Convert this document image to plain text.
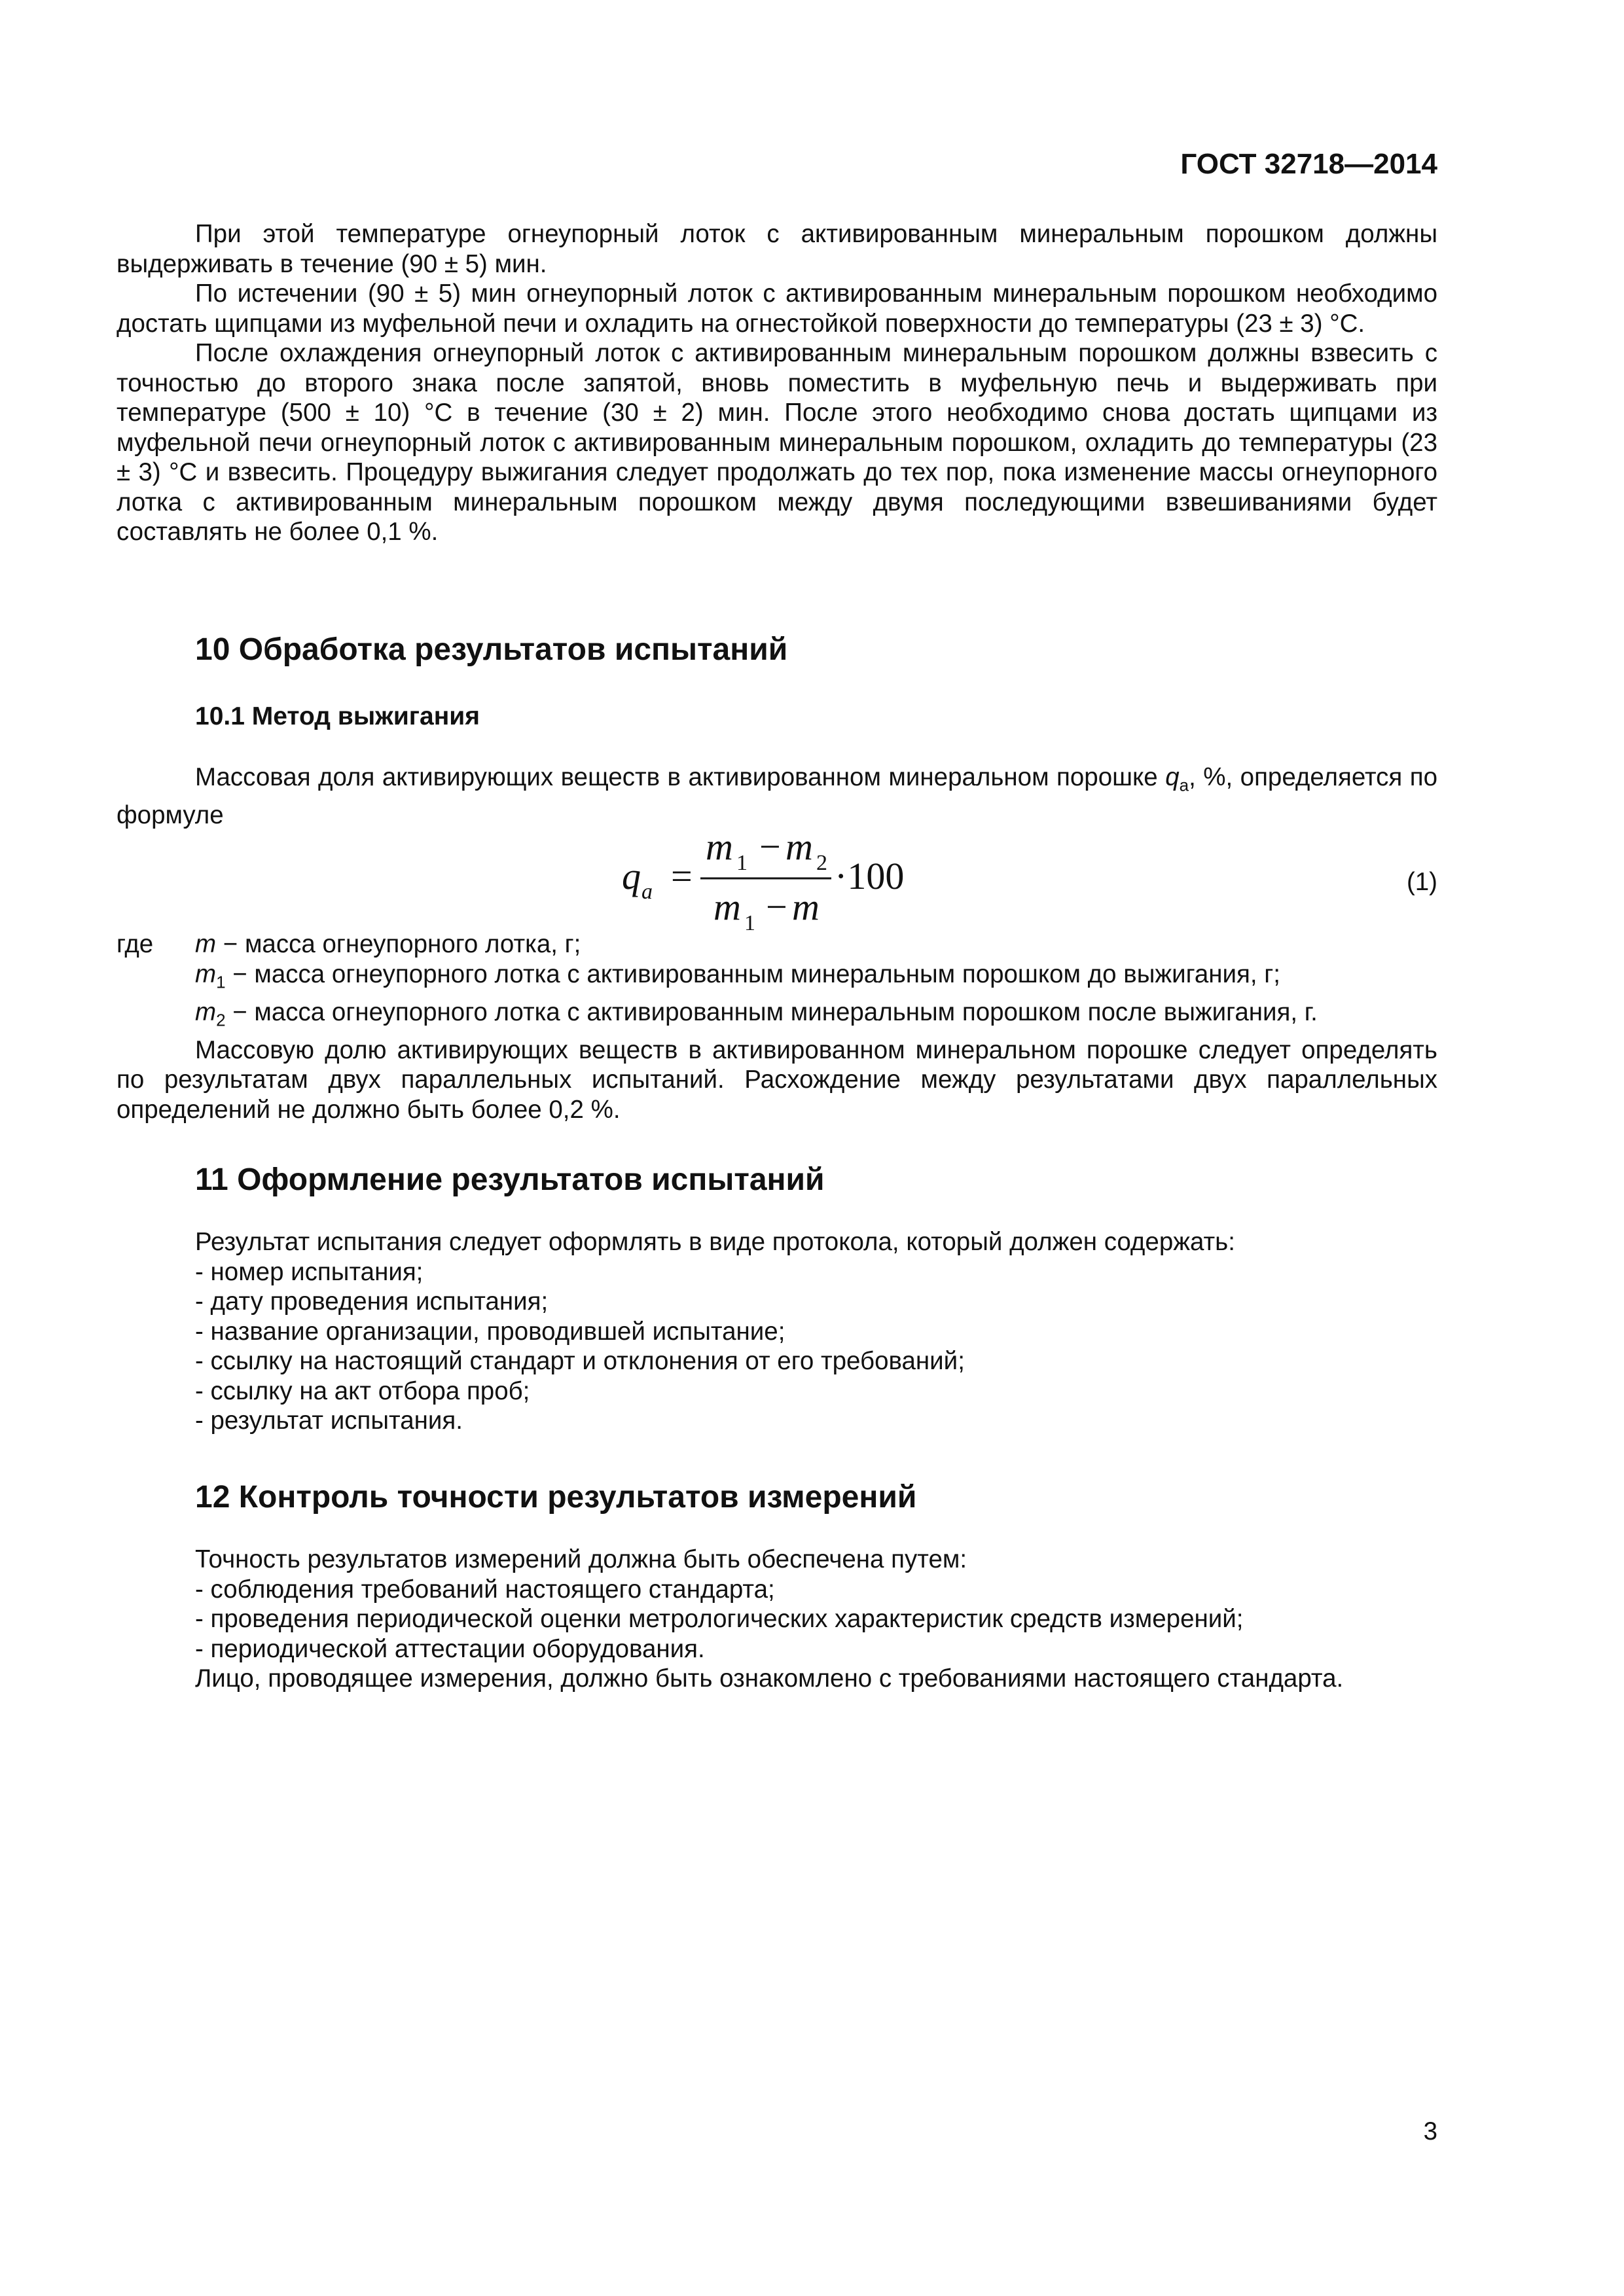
ГОСТ 32718—2014

При этой температуре огнеупорный лоток с активированным минеральным порошком должны выдерживать в течение (90 ± 5) мин.

По истечении (90 ± 5) мин огнеупорный лоток с активированным минеральным порошком необходимо достать щипцами из муфельной печи и охладить на огнестойкой поверхности до температуры (23 ± 3) °С.

После охлаждения огнеупорный лоток с активированным минеральным порошком должны взвесить с точностью до второго знака после запятой, вновь поместить в муфельную печь и выдерживать при температуре (500 ± 10) °С в течение (30 ± 2) мин. После этого необходимо снова достать щипцами из муфельной печи огнеупорный лоток с активированным минеральным порошком, охладить до температуры (23 ± 3) °С и взвесить. Процедуру выжигания следует продолжать до тех пор, пока изменение массы огнеупорного лотка с активированным минеральным порошком между двумя последующими взвешиваниями будет составлять не более 0,1 %.

10 Обработка результатов испытаний
10.1 Метод выжигания

Массовая доля активирующих веществ в активированном минеральном порошке $q_а$, %, определяется по формуле

q a =
m 1 − m 2
m 1 − m
·100	(1)
где m − масса огнеупорного лотка, г;
$m_1$ − масса огнеупорного лотка с активированным минеральным порошком до выжигания, г;
$m_2$ − масса огнеупорного лотка с активированным минеральным порошком после выжигания, г.

Массовую долю активирующих веществ в активированном минеральном порошке следует определять по результатам двух параллельных испытаний. Расхождение между результатами двух параллельных определений не должно быть более 0,2 %.

11 Оформление результатов испытаний

Результат испытания следует оформлять в виде протокола, который должен содержать:

- номер испытания;
- дату проведения испытания;
- название организации, проводившей испытание;
- ссылку на настоящий стандарт и отклонения от его требований;
- ссылку на акт отбора проб;
- результат испытания.
12 Контроль точности результатов измерений

Точность результатов измерений должна быть обеспечена путем:

- соблюдения требований настоящего стандарта;
- проведения периодической оценки метрологических характеристик средств измерений;
- периодической аттестации оборудования.

Лицо, проводящее измерения, должно быть ознакомлено с требованиями настоящего стандарта.

3
